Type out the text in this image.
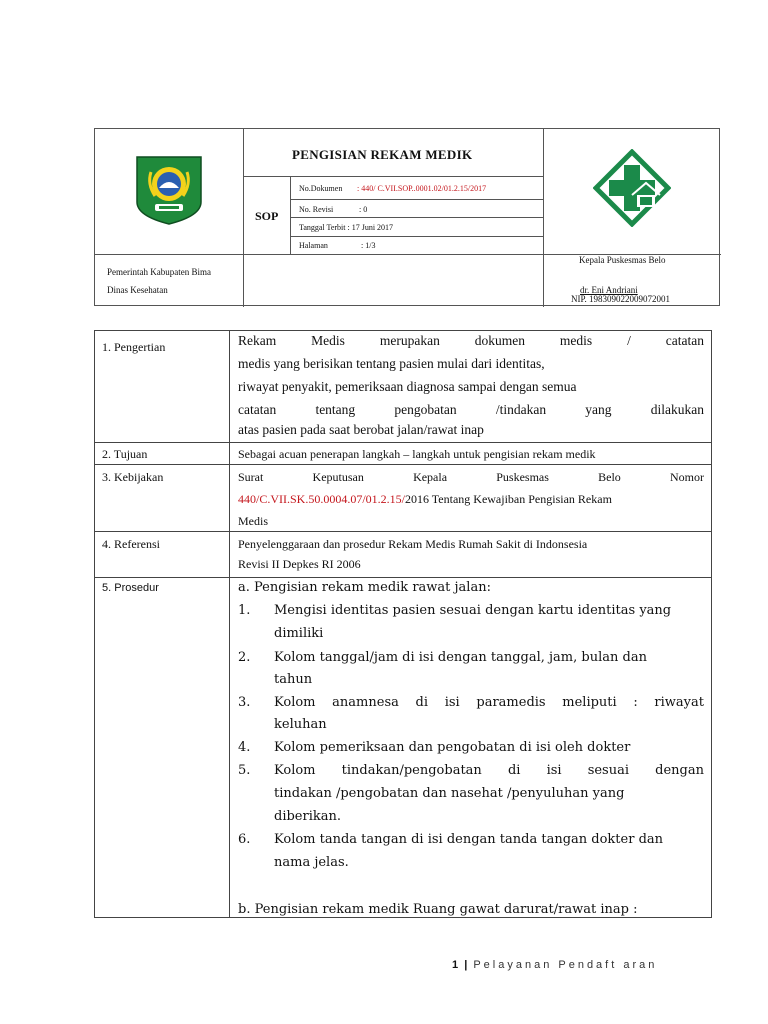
PENGISIAN REKAM MEDIK
SOP
No.Dokumen : 440/ C.VII.SOP..0001.02/01.2.15/2017
No. Revisi	: 0
Tanggal Terbit : 17 Juni 2017
Halaman	: 1/3
Pemerintah Kabupaten Bima
Dinas Kesehatan
Kepala Puskesmas Belo
dr. Eni Andriani
NIP. 198309022009072001
1. Pengertian	Rekam Medis merupakan dokumen medis / catatan
medis yang berisikan tentang pasien mulai dari identitas,
riwayat penyakit, pemeriksaan diagnosa sampai dengan semua
catatan tentang pengobatan /tindakan yang dilakukan
atas pasien pada saat berobat jalan/rawat inap
2. Tujuan	Sebagai acuan penerapan langkah – langkah untuk pengisian rekam medik
3. Kebijakan	Surat Keputusan Kepala Puskesmas Belo Nomor
440/C.VII.SK.50.0004.07/01.2.15/2016 Tentang Kewajiban Pengisian Rekam
Medis
4. Referensi	Penyelenggaraan dan prosedur Rekam Medis Rumah Sakit di Indonsesia
Revisi II Depkes RI 2006
5. Prosedur	a. Pengisian rekam medik rawat jalan:
1. Mengisi identitas pasien sesuai dengan kartu identitas yang
dimiliki
2. Kolom tanggal/jam di isi dengan tanggal, jam, bulan dan
tahun
3. Kolom anamnesa di isi paramedis meliputi : riwayat
keluhan
4. Kolom pemeriksaan dan pengobatan di isi oleh dokter
5. Kolom tindakan/pengobatan di isi sesuai dengan
tindakan /pengobatan dan nasehat /penyuluhan yang
diberikan.
6. Kolom tanda tangan di isi dengan tanda tangan dokter dan
nama jelas.
b. Pengisian rekam medik Ruang gawat darurat/rawat inap :
1 | Pelayanan Pendaft aran
